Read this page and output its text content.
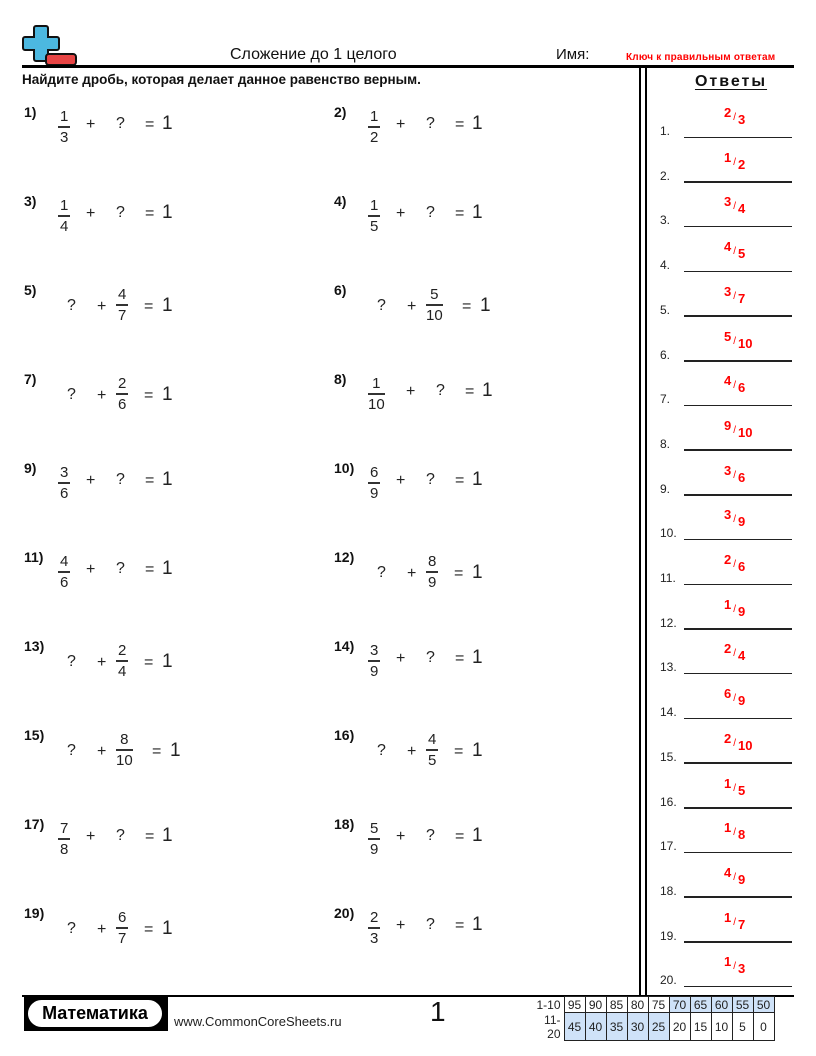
Сложение до 1 целого	Имя:	Ключ к правильным ответам
Найдите дробь, которая делает данное равенство верным.	Ответы
1) 1
3
+ ? = 1
2) 1
2
+ ? = 1
3) 1
4
+ ? = 1
4) 1
5
+ ? = 1
5)
? +
4
7 = 1
6)
? +
5
10 = 1
7)
? +
2
6 = 1
8) 1
10
+ ? = 1
9) 3
6
+ ? = 1
10) 6
9
+ ? = 1
11) 4
6
+ ? = 1
12)
? +
8
9 = 1
13)
? +
2
4 = 1
14) 3
9
+ ? = 1
15)
? +
8
10 = 1
16)
? +
4
5 = 1
17) 7
8
+ ? = 1
18) 5
9
+ ? = 1
19)
? +
6
7 = 1
20) 2
3
+ ? = 1
1.
2 / 3
2.
1 / 2
3.
3 / 4
4.
4 / 5
5.
3 / 7
6.
5 / 10
7.
4 / 6
8.
9 / 10
9.
3 / 6
10.
3 / 9
11.
2 / 6
12.
1 / 9
13.
2 / 4
14.
6 / 9
15.
2 / 10
16.
1 / 5
17.
1 / 8
18.
4 / 9
19.
1 / 7
20.
1 / 3
Математика	www.CommonCoreSheets.ru	1	1-10	95	90	85	80	75	70	65	60	55	50
11-20	45	40	35	30	25	20	15	10	5	0
